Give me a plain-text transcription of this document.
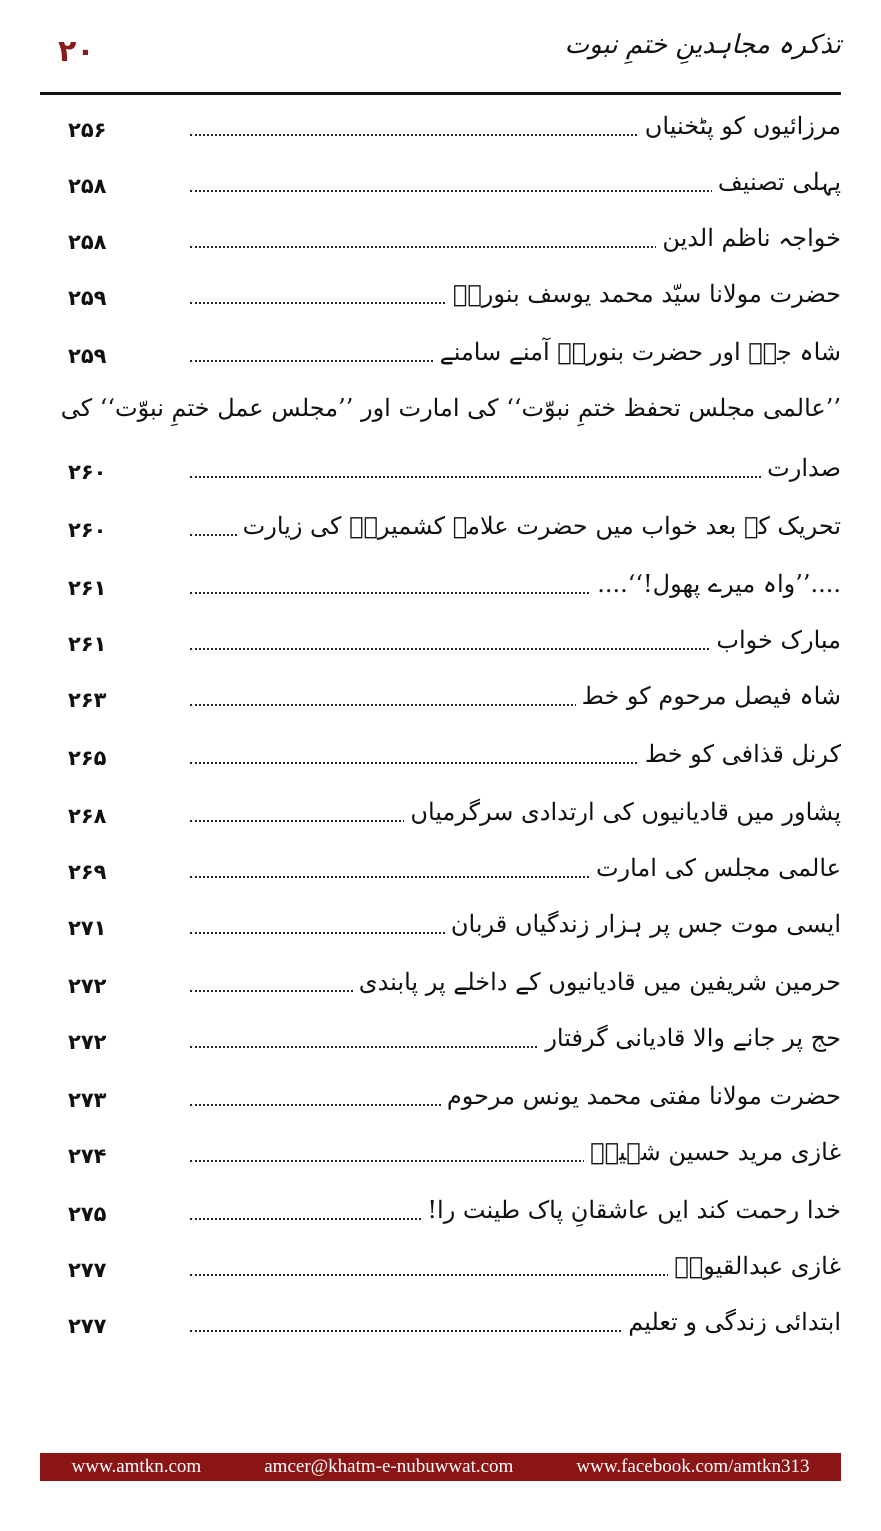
۲۰	تذکرہ مجاہدینِ ختمِ نبوت
۲۵۶	مرزائیوں کو پٹخنیاں
۲۵۸	پہلی تصنیف
۲۵۸	خواجہ ناظم الدین
۲۵۹	حضرت مولانا سیّد محمد یوسف بنوریؒ
۲۵۹	شاہ جیؒ اور حضرت بنوریؒ آمنے سامنے
’’عالمی مجلس تحفظ ختمِ نبوّت‘‘ کی امارت اور ’’مجلس عمل ختمِ نبوّت‘‘ کی
۲۶۰	صدارت
۲۶۰	تحریک کے بعد خواب میں حضرت علامہ کشمیریؒ کی زیارت
۲۶۱	....’’واہ میرے پھول!‘‘....
۲۶۱	مبارک خواب
۲۶۳	شاہ فیصل مرحوم کو خط
۲۶۵	کرنل قذافی کو خط
۲۶۸	پشاور میں قادیانیوں کی ارتدادی سرگرمیاں
۲۶۹	عالمی مجلس کی امارت
۲۷۱	ایسی موت جس پر ہزار زندگیاں قربان
۲۷۲	حرمین شریفین میں قادیانیوں کے داخلے پر پابندی
۲۷۲	حج پر جانے والا قادیانی گرفتار
۲۷۳	حضرت مولانا مفتی محمد یونس مرحوم
۲۷۴	غازی مرید حسین شہیدؒ
۲۷۵	خدا رحمت کند ایں عاشقانِ پاک طینت را!
۲۷۷	غازی عبدالقیومؒ
۲۷۷	ابتدائی زندگی و تعلیم
www.amtkn.com	amcer@khatm-e-nubuwwat.com	www.facebook.com/amtkn313
